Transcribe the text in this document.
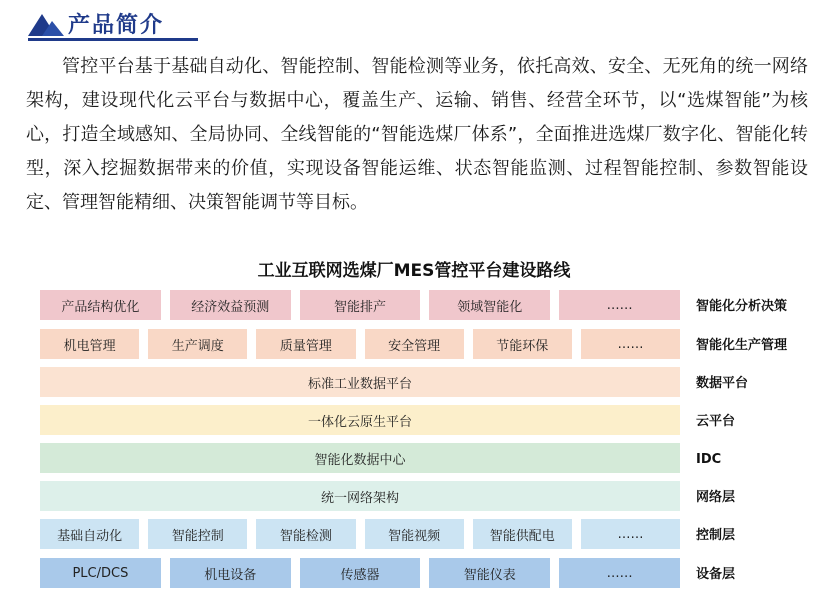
产品简介

管控平台基于基础自动化、智能控制、智能检测等业务，依托高效、安全、无死角的统一网络架构，建设现代化云平台与数据中心，覆盖生产、运输、销售、经营全环节，以“选煤智能”为核心，打造全域感知、全局协同、全线智能的“智能选煤厂体系”，全面推进选煤厂数字化、智能化转型，深入挖掘数据带来的价值，实现设备智能运维、状态智能监测、过程智能控制、参数智能设定、管理智能精细、决策智能调节等目标。

工业互联网选煤厂MES管控平台建设路线
产品结构优化	经济效益预测	智能排产	领域智能化	……	智能化分析决策
机电管理	生产调度	质量管理	安全管理	节能环保	……	智能化生产管理
标准工业数据平台	数据平台
一体化云原生平台	云平台
智能化数据中心	IDC
统一网络架构	网络层
基础自动化	智能控制	智能检测	智能视频	智能供配电	……	控制层
PLC/DCS	机电设备	传感器	智能仪表	……	设备层
